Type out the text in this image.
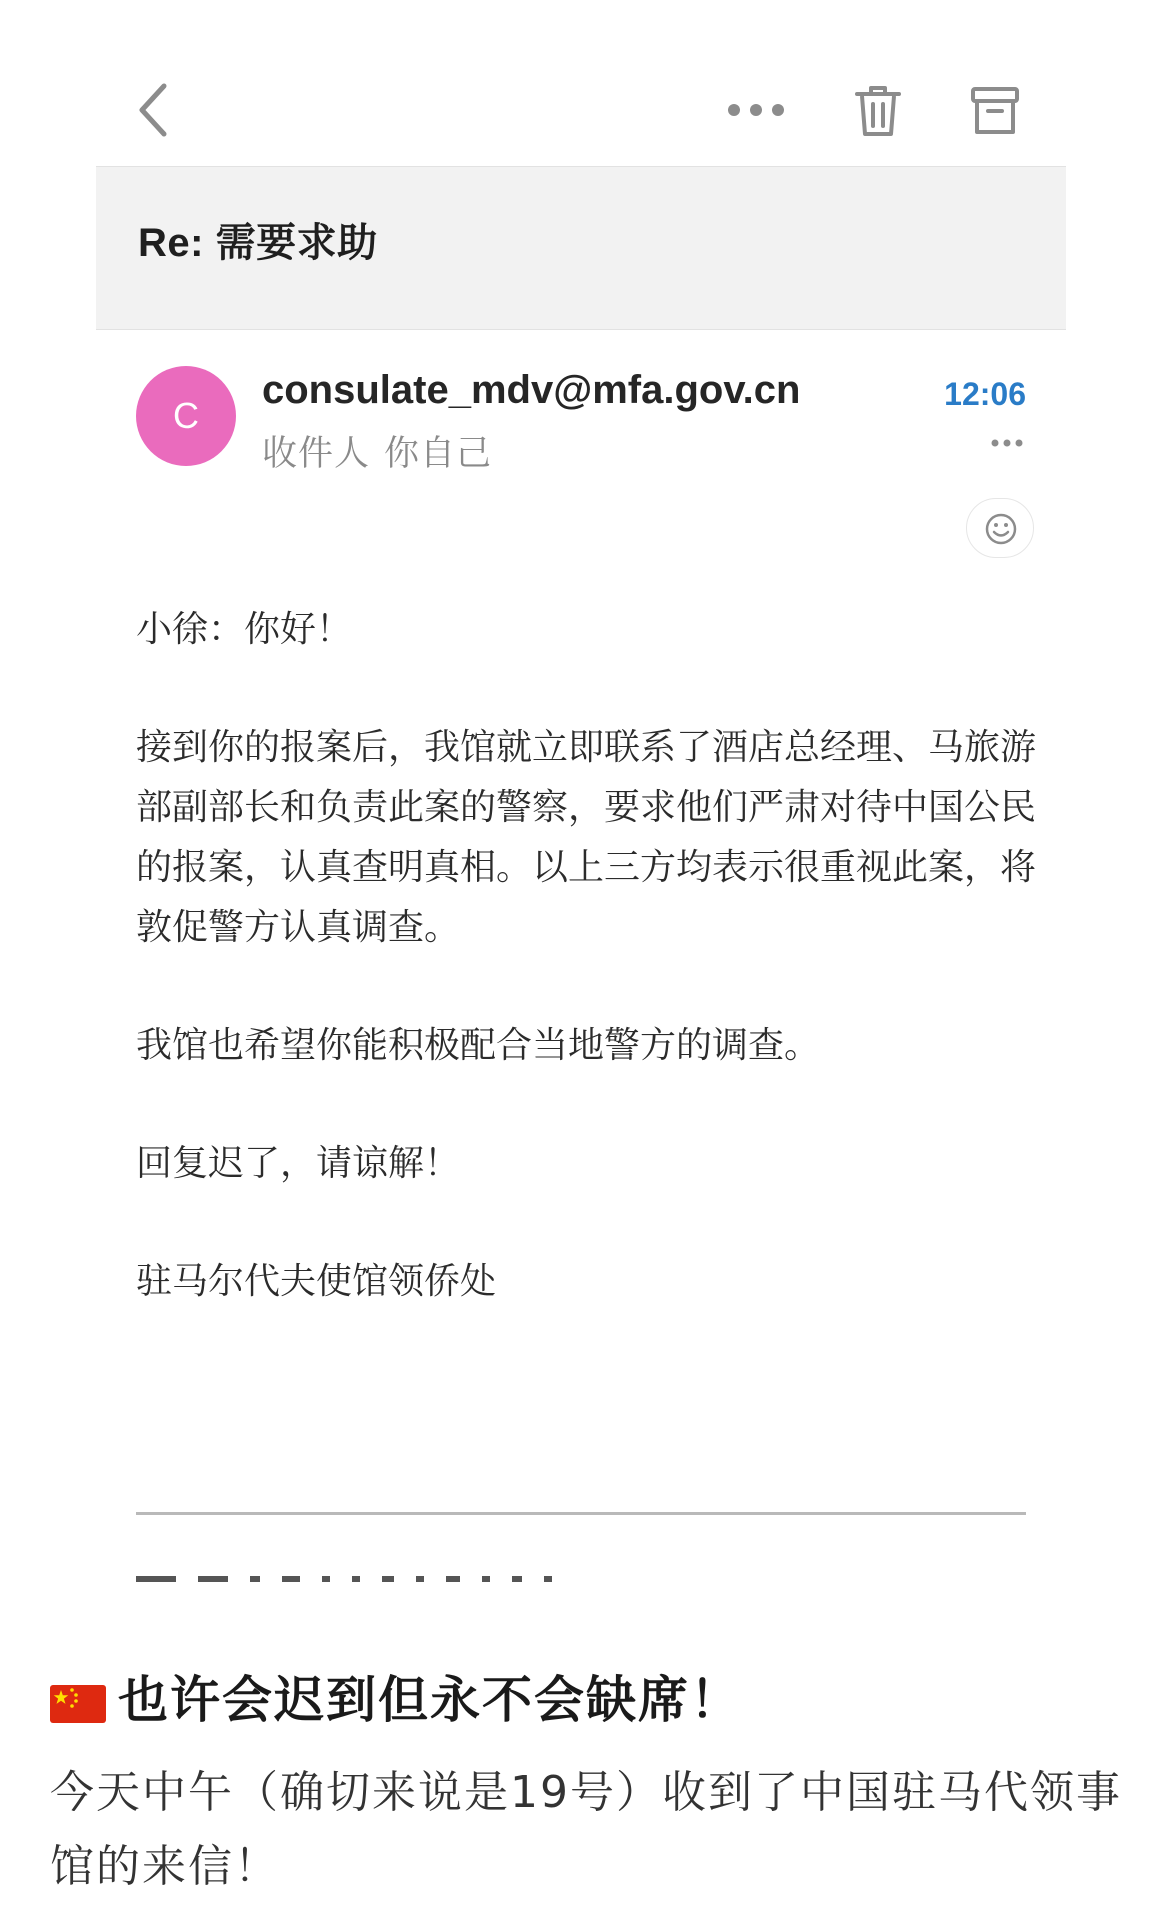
Re: 需要求助
C
consulate_mdv@mfa.gov.cn
收件人 你自己
12:06

小徐：你好！

接到你的报案后，我馆就立即联系了酒店总经理、马旅游部副部长和负责此案的警察，要求他们严肃对待中国公民的报案，认真查明真相。以上三方均表示很重视此案，将敦促警方认真调查。

我馆也希望你能积极配合当地警方的调查。

回复迟了，请谅解！

驻马尔代夫使馆领侨处

也许会迟到但永不会缺席！
今天中午（确切来说是19号）收到了中国驻马代领事馆的来信！
